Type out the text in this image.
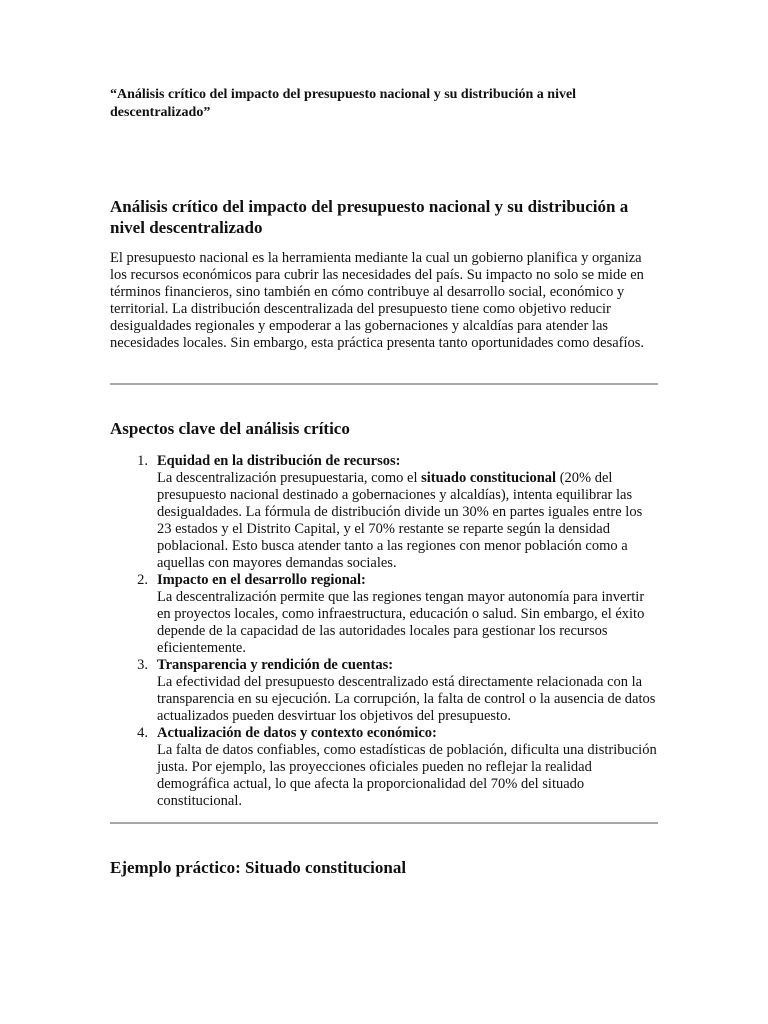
“Análisis crítico del impacto del presupuesto nacional y su distribución a nivel descentralizado”

Análisis crítico del impacto del presupuesto nacional y su distribución a nivel descentralizado

El presupuesto nacional es la herramienta mediante la cual un gobierno planifica y organiza los recursos económicos para cubrir las necesidades del país. Su impacto no solo se mide en términos financieros, sino también en cómo contribuye al desarrollo social, económico y territorial. La distribución descentralizada del presupuesto tiene como objetivo reducir desigualdades regionales y empoderar a las gobernaciones y alcaldías para atender las necesidades locales. Sin embargo, esta práctica presenta tanto oportunidades como desafíos.

Aspectos clave del análisis crítico
1. Equidad en la distribución de recursos:
La descentralización presupuestaria, como el situado constitucional (20% del presupuesto nacional destinado a gobernaciones y alcaldías), intenta equilibrar las desigualdades. La fórmula de distribución divide un 30% en partes iguales entre los 23 estados y el Distrito Capital, y el 70% restante se reparte según la densidad poblacional. Esto busca atender tanto a las regiones con menor población como a aquellas con mayores demandas sociales.
2. Impacto en el desarrollo regional:
La descentralización permite que las regiones tengan mayor autonomía para invertir en proyectos locales, como infraestructura, educación o salud. Sin embargo, el éxito depende de la capacidad de las autoridades locales para gestionar los recursos eficientemente.
3. Transparencia y rendición de cuentas:
La efectividad del presupuesto descentralizado está directamente relacionada con la transparencia en su ejecución. La corrupción, la falta de control o la ausencia de datos actualizados pueden desvirtuar los objetivos del presupuesto.
4. Actualización de datos y contexto económico:
La falta de datos confiables, como estadísticas de población, dificulta una distribución justa. Por ejemplo, las proyecciones oficiales pueden no reflejar la realidad demográfica actual, lo que afecta la proporcionalidad del 70% del situado constitucional.
Ejemplo práctico: Situado constitucional
